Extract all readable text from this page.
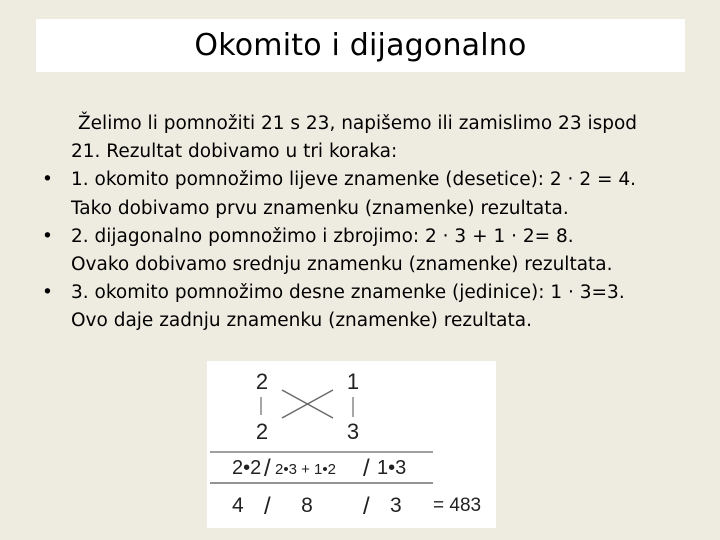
Okomito i dijagonalno
Želimo li pomnožiti 21 s 23, napišemo ili zamislimo 23 ispod
21. Rezultat dobivamo u tri koraka:
• 1. okomito pomnožimo lijeve znamenke (desetice): 2 · 2 = 4.
Tako dobivamo prvu znamenku (znamenke) rezultata.
• 2. dijagonalno pomnožimo i zbrojimo: 2 · 3 + 1 · 2= 8.
Ovako dobivamo srednju znamenku (znamenke) rezultata.
• 3. okomito pomnožimo desne znamenke (jedinice): 1 · 3=3.
Ovo daje zadnju znamenku (znamenke) rezultata.
2	1
2	3
2•2 / 2•3 + 1•2 / 1•3
4 / 8 / 3 = 483
